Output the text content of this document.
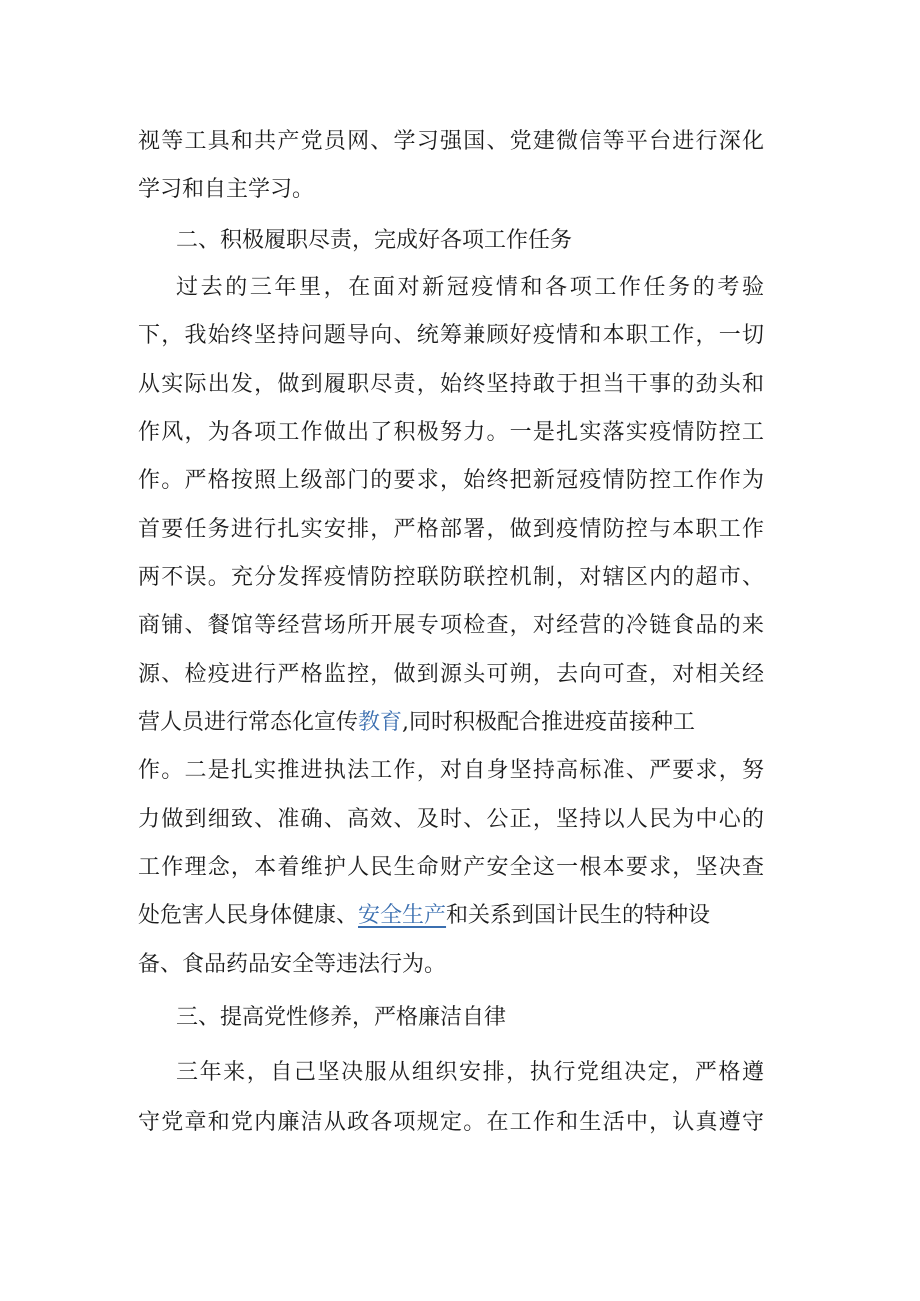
视等工具和共产党员网、学习强国、党建微信等平台进行深化
学习和自主学习。
二、积极履职尽责，完成好各项工作任务
过去的三年里，在面对新冠疫情和各项工作任务的考验
下，我始终坚持问题导向、统筹兼顾好疫情和本职工作，一切
从实际出发，做到履职尽责，始终坚持敢于担当干事的劲头和
作风，为各项工作做出了积极努力。一是扎实落实疫情防控工
作。严格按照上级部门的要求，始终把新冠疫情防控工作作为
首要任务进行扎实安排，严格部署，做到疫情防控与本职工作
两不误。充分发挥疫情防控联防联控机制，对辖区内的超市、
商铺、餐馆等经营场所开展专项检查，对经营的冷链食品的来
源、检疫进行严格监控，做到源头可朔，去向可查，对相关经
营人员进行常态化宣传教育,同时积极配合推进疫苗接种工
作。二是扎实推进执法工作，对自身坚持高标准、严要求，努
力做到细致、准确、高效、及时、公正，坚持以人民为中心的
工作理念，本着维护人民生命财产安全这一根本要求，坚决查
处危害人民身体健康、安全生产和关系到国计民生的特种设
备、食品药品安全等违法行为。
三、提高党性修养，严格廉洁自律
三年来，自己坚决服从组织安排，执行党组决定，严格遵
守党章和党内廉洁从政各项规定。在工作和生活中，认真遵守
